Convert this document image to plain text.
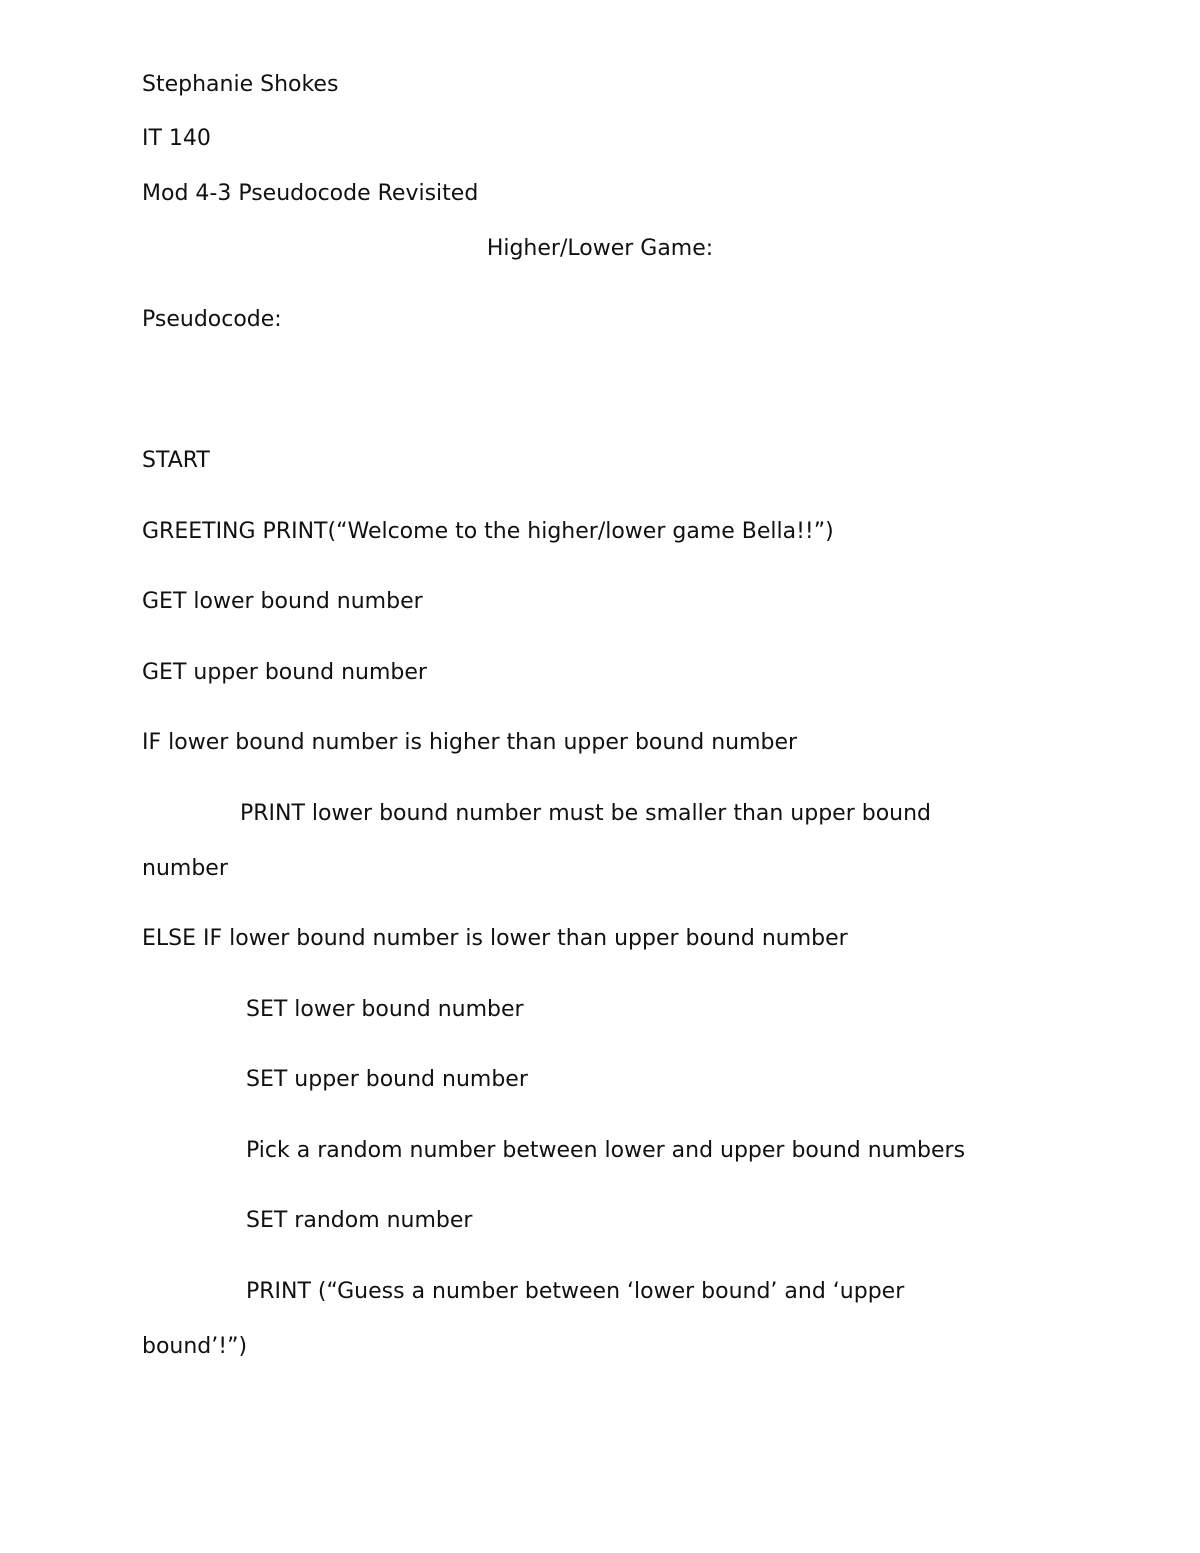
Stephanie Shokes
IT 140
Mod 4-3 Pseudocode Revisited
Higher/Lower Game:
Pseudocode:
START
GREETING PRINT(“Welcome to the higher/lower game Bella!!”)
GET lower bound number
GET upper bound number
IF lower bound number is higher than upper bound number
PRINT lower bound number must be smaller than upper bound
number
ELSE IF lower bound number is lower than upper bound number
SET lower bound number
SET upper bound number
Pick a random number between lower and upper bound numbers
SET random number
PRINT (“Guess a number between ‘lower bound’ and ‘upper
bound’!”)
